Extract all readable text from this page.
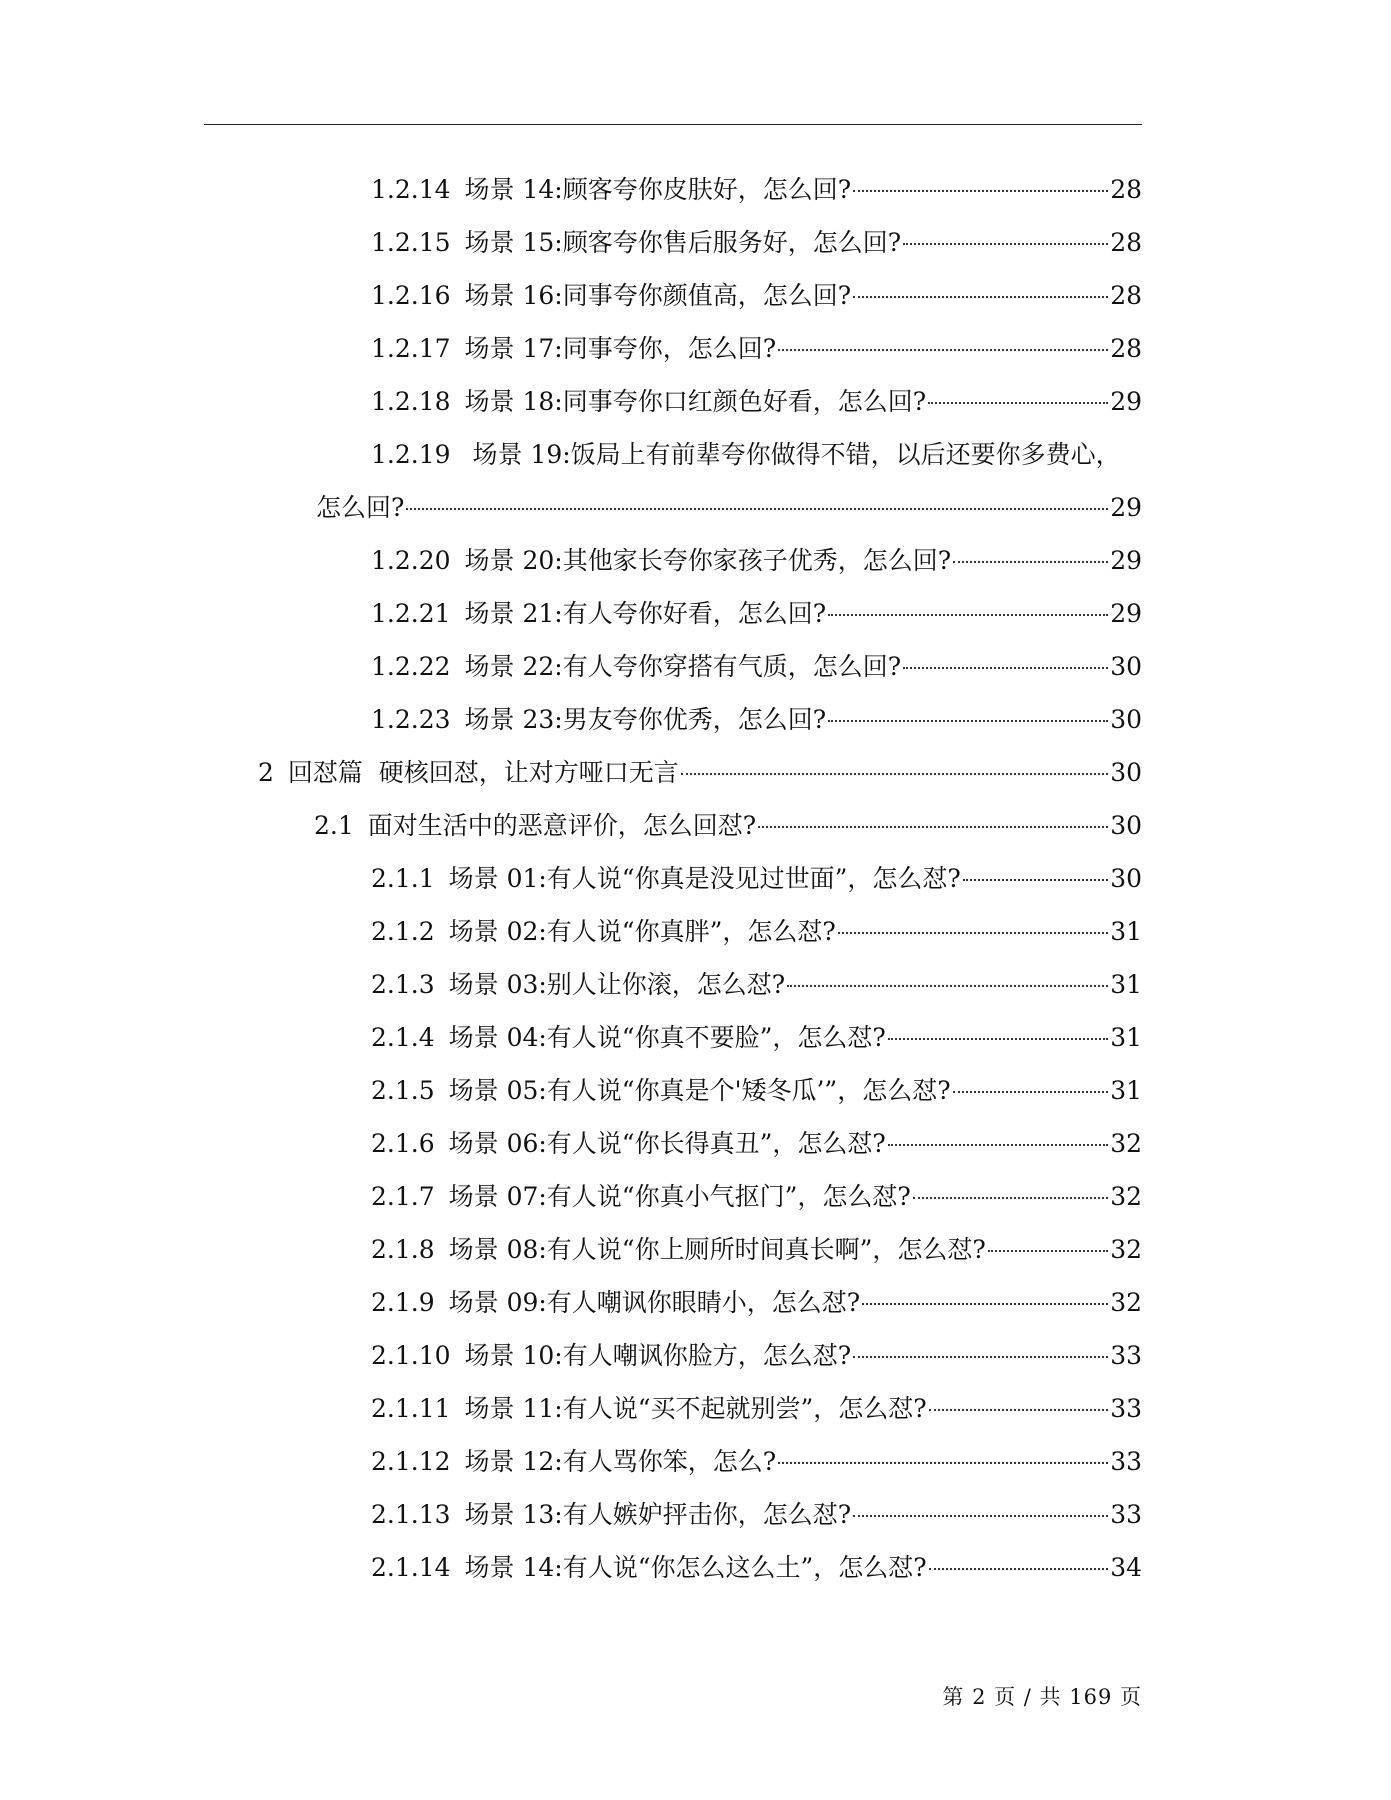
1.2.14 场景 14:顾客夸你皮肤好，怎么回?	28
1.2.15 场景 15:顾客夸你售后服务好，怎么回?	28
1.2.16 场景 16:同事夸你颜值高，怎么回?	28
1.2.17 场景 17:同事夸你，怎么回?	28
1.2.18 场景 18:同事夸你口红颜色好看，怎么回?	29
1.2.19 场景 19:饭局上有前辈夸你做得不错，以后还要你多费心，
怎么回?	29
1.2.20 场景 20:其他家长夸你家孩子优秀，怎么回?	29
1.2.21 场景 21:有人夸你好看，怎么回?	29
1.2.22 场景 22:有人夸你穿搭有气质，怎么回?	30
1.2.23 场景 23:男友夸你优秀，怎么回?	30
2 回怼篇  硬核回怼，让对方哑口无言	30
2.1 面对生活中的恶意评价，怎么回怼?	30
2.1.1 场景 01:有人说“你真是没见过世面”，怎么怼?	30
2.1.2 场景 02:有人说“你真胖”，怎么怼?	31
2.1.3 场景 03:别人让你滚，怎么怼?	31
2.1.4 场景 04:有人说“你真不要脸”，怎么怼?	31
2.1.5 场景 05:有人说“你真是个'矮冬瓜’”，怎么怼?	31
2.1.6 场景 06:有人说“你长得真丑”，怎么怼?	32
2.1.7 场景 07:有人说“你真小气抠门”，怎么怼?	32
2.1.8 场景 08:有人说“你上厕所时间真长啊”，怎么怼?	32
2.1.9 场景 09:有人嘲讽你眼睛小，怎么怼?	32
2.1.10 场景 10:有人嘲讽你脸方，怎么怼?	33
2.1.11 场景 11:有人说“买不起就别尝”，怎么怼?	33
2.1.12 场景 12:有人骂你笨，怎么?	33
2.1.13 场景 13:有人嫉妒抨击你，怎么怼?	33
2.1.14 场景 14:有人说“你怎么这么土”，怎么怼?	34
第 2 页 / 共 169 页
